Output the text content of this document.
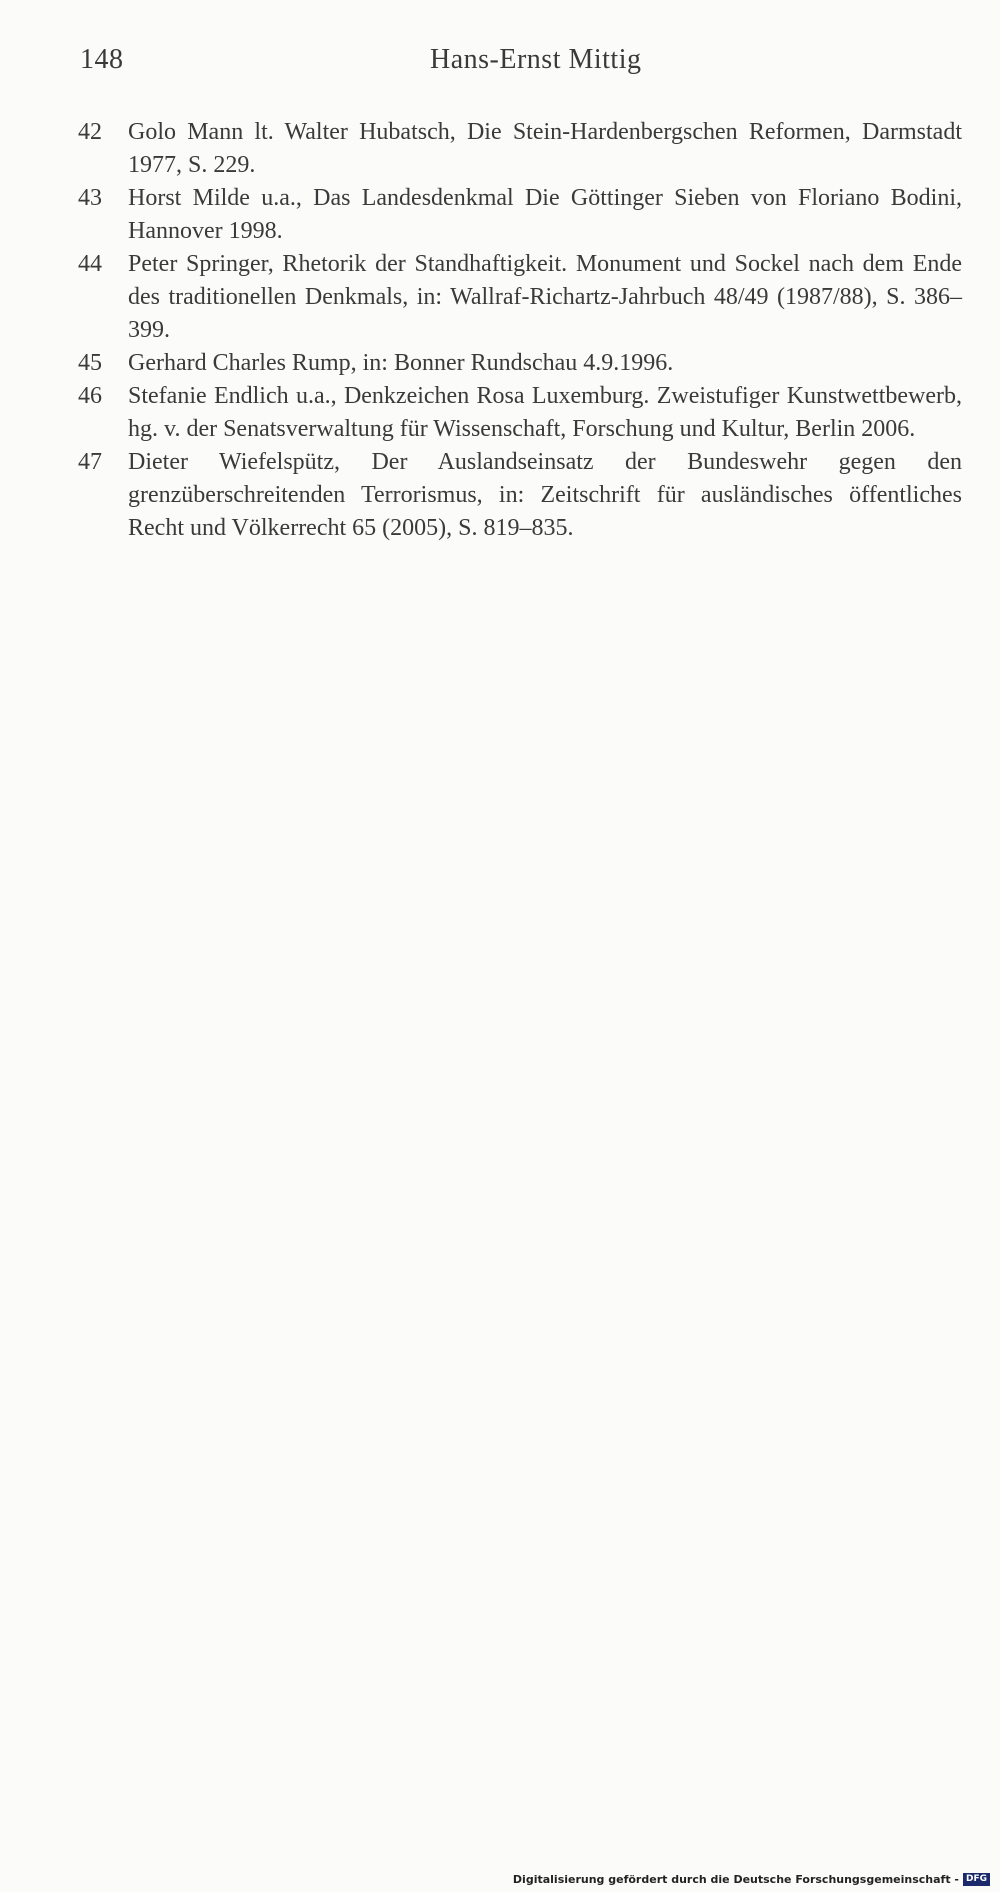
148	Hans-Ernst Mittig
42	Golo Mann lt. Walter Hubatsch, Die Stein-Hardenbergschen Reformen, Darmstadt 1977, S. 229.
43	Horst Milde u.a., Das Landesdenkmal Die Göttinger Sieben von Floriano Bodini, Hannover 1998.
44	Peter Springer, Rhetorik der Standhaftigkeit. Monument und Sockel nach dem Ende des traditionellen Denkmals, in: Wallraf-Richartz-Jahrbuch 48/49 (1987/88), S. 386–399.
45	Gerhard Charles Rump, in: Bonner Rundschau 4.9.1996.
46	Stefanie Endlich u.a., Denkzeichen Rosa Luxemburg. Zweistufiger Kunstwettbewerb, hg. v. der Senatsverwaltung für Wissenschaft, Forschung und Kultur, Berlin 2006.
47	Dieter Wiefelspütz, Der Auslandseinsatz der Bundeswehr gegen den grenzüberschreitenden Terrorismus, in: Zeitschrift für ausländisches öffentliches Recht und Völkerrecht 65 (2005), S. 819–835.
Digitalisierung gefördert durch die Deutsche Forschungsgemeinschaft - DFG
